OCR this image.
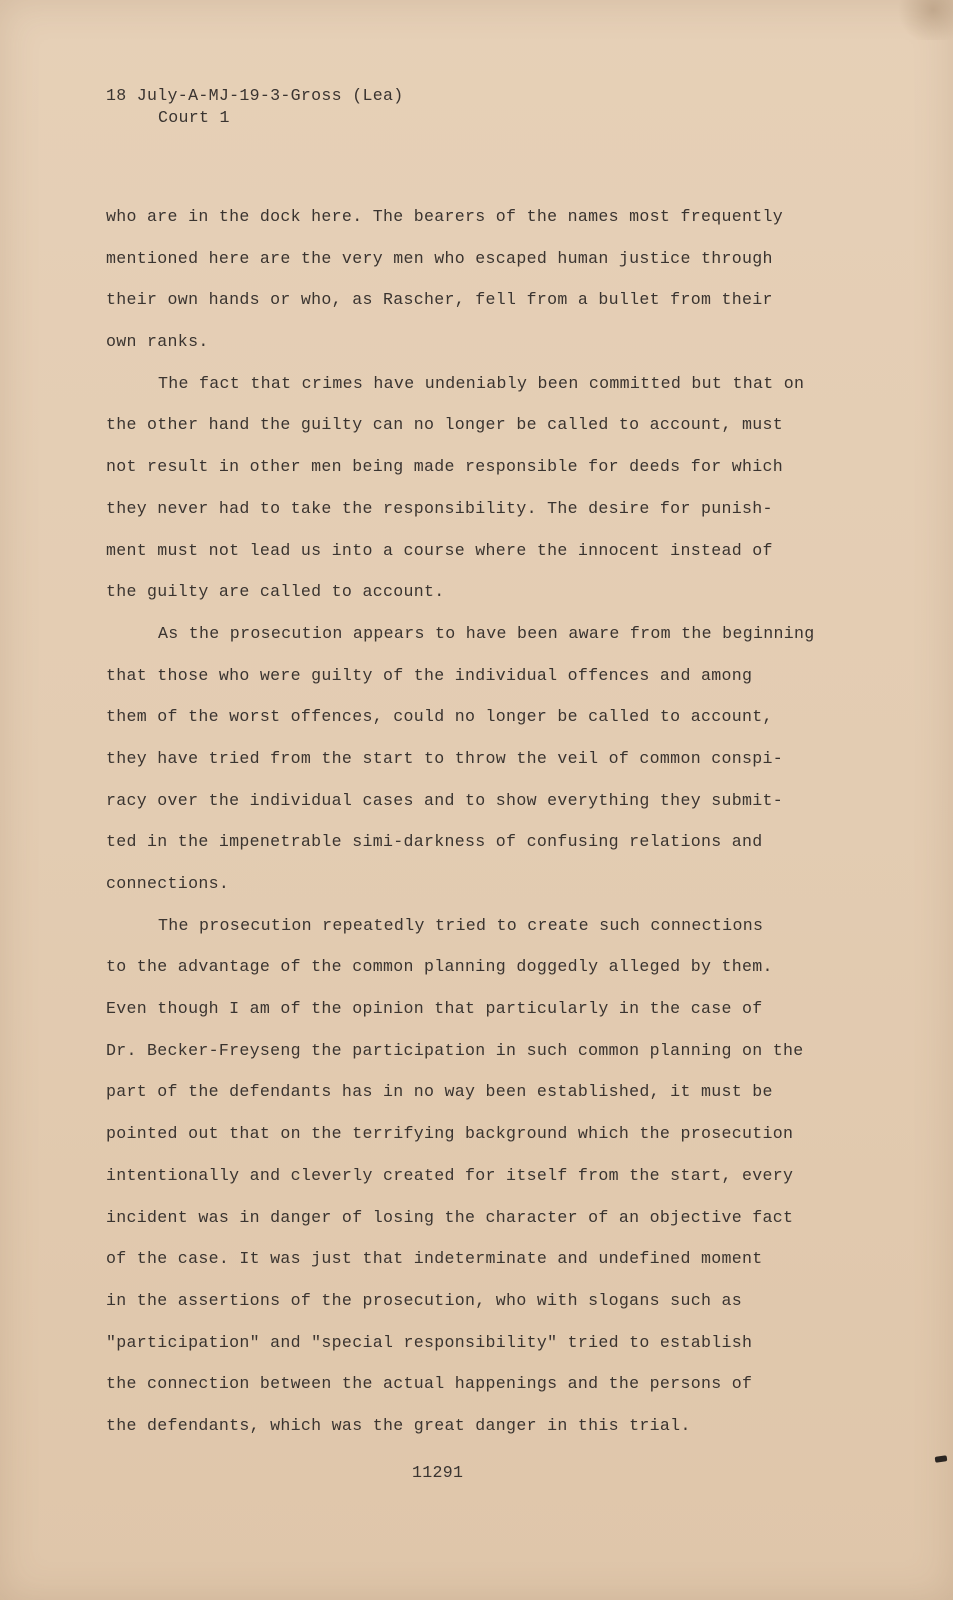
18 July-A-MJ-19-3-Gross (Lea)
Court 1
who are in the dock here. The bearers of the names most frequently
mentioned here are the very men who escaped human justice through
their own hands or who, as Rascher, fell from a bullet from their
own ranks.
The fact that crimes have undeniably been committed but that on
the other hand the guilty can no longer be called to account, must
not result in other men being made responsible for deeds for which
they never had to take the responsibility. The desire for punish-
ment must not lead us into a course where the innocent instead of
the guilty are called to account.
As the prosecution appears to have been aware from the beginning
that those who were guilty of the individual offences and among
them of the worst offences, could no longer be called to account,
they have tried from the start to throw the veil of common conspi-
racy over the individual cases and to show everything they submit-
ted in the impenetrable simi-darkness of confusing relations and
connections.
The prosecution repeatedly tried to create such connections
to the advantage of the common planning doggedly alleged by them.
Even though I am of the opinion that particularly in the case of
Dr. Becker-Freyseng the participation in such common planning on the
part of the defendants has in no way been established, it must be
pointed out that on the terrifying background which the prosecution
intentionally and cleverly created for itself from the start, every
incident was in danger of losing the character of an objective fact
of the case. It was just that indeterminate and undefined moment
in the assertions of the prosecution, who with slogans such as
"participation" and "special responsibility" tried to establish
the connection between the actual happenings and the persons of
the defendants, which was the great danger in this trial.
11291
